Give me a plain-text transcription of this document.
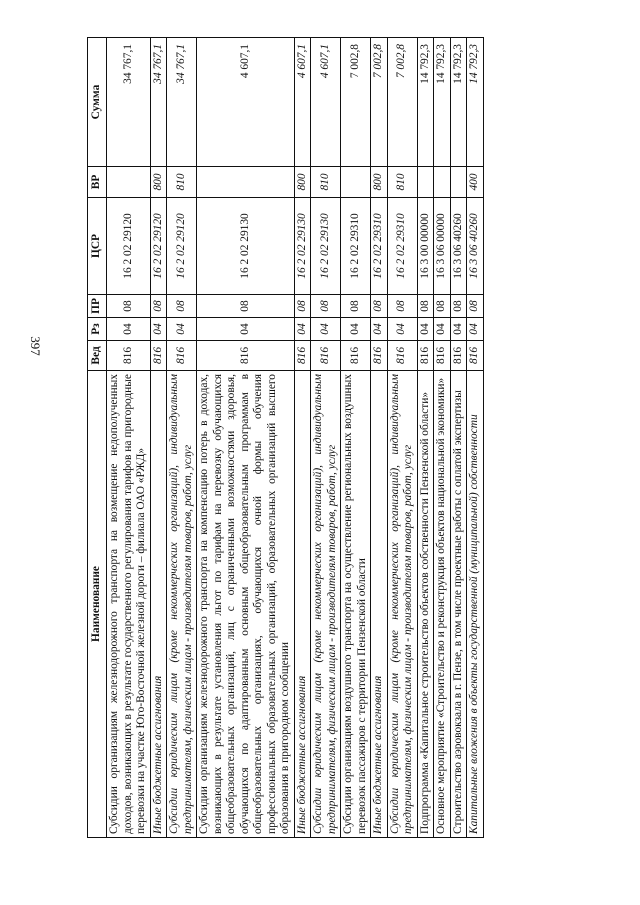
397
Наименование	Вед	Рз	ПР	ЦСР	ВР	Сумма
Субсидии организациям железнодорожного транспорта на возмещение недополученных доходов, возникающих в результате государственного регулирования тарифов на пригородные перевозки на участке Юго-Восточной железной дороги – филиала ОАО «РЖД»	816	04	08	16 2 02 29120		34 767,1
Иные бюджетные ассигнования	816	04	08	16 2 02 29120	800	34 767,1
Субсидии юридическим лицам (кроме некоммерческих организаций), индивидуальным предпринимателям, физическим лицам - производителям товаров, работ, услуг	816	04	08	16 2 02 29120	810	34 767,1
Субсидии организациям железнодорожного транспорта на компенсацию потерь в доходах, возникающих в результате установления льгот по тарифам на перевозку обучающихся общеобразовательных организаций, лиц с ограниченными возможностями здоровья, обучающихся по адаптированным основным общеобразовательным программам в общеобразовательных организациях, обучающихся очной формы обучения профессиональных образовательных организаций, образовательных организаций высшего образования в пригородном сообщении	816	04	08	16 2 02 29130		4 607,1
Иные бюджетные ассигнования	816	04	08	16 2 02 29130	800	4 607,1
Субсидии юридическим лицам (кроме некоммерческих организаций), индивидуальным предпринимателям, физическим лицам - производителям товаров, работ, услуг	816	04	08	16 2 02 29130	810	4 607,1
Субсидии организациям воздушного транспорта на осуществление региональных воздушных перевозок пассажиров с территории Пензенской области	816	04	08	16 2 02 29310		7 002,8
Иные бюджетные ассигнования	816	04	08	16 2 02 29310	800	7 002,8
Субсидии юридическим лицам (кроме некоммерческих организаций), индивидуальным предпринимателям, физическим лицам - производителям товаров, работ, услуг	816	04	08	16 2 02 29310	810	7 002,8
Подпрограмма «Капитальное строительство объектов собственности Пензенской области»	816	04	08	16 3 00 00000		14 792,3
Основное мероприятие «Строительство и реконструкция объектов национальной экономики»	816	04	08	16 3 06 00000		14 792,3
Строительство аэровокзала в г. Пензе, в том числе проектные работы с оплатой экспертизы	816	04	08	16 3 06 40260		14 792,3
Капитальные вложения в объекты государственной (муниципальной) собственности	816	04	08	16 3 06 40260	400	14 792,3
